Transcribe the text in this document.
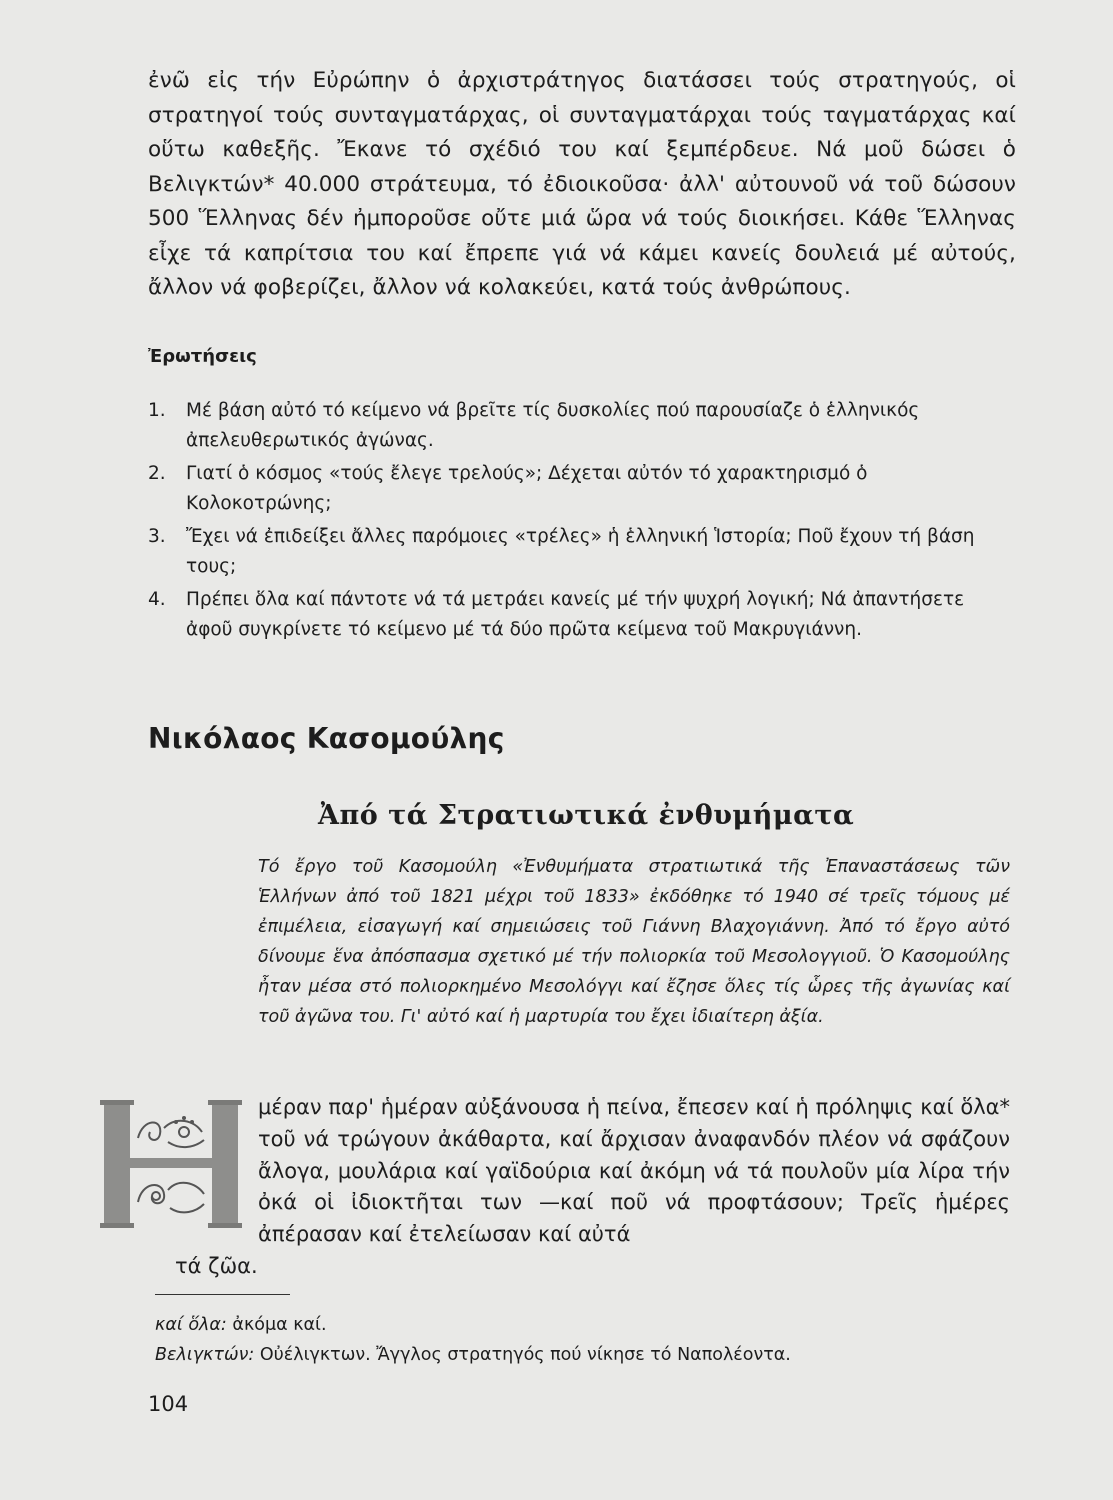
ἐνῶ εἰς τήν Εὐρώπην ὁ ἀρχιστράτηγος διατάσσει τούς στρατηγούς, οἱ στρατηγοί τούς συνταγματάρχας, οἱ συνταγματάρχαι τούς ταγματάρχας καί οὕτω καθεξῆς. Ἔκανε τό σχέδιό του καί ξεμπέρδευε. Νά μοῦ δώσει ὁ Βελιγκτών* 40.000 στράτευμα, τό ἐδιοικοῦσα· ἀλλ' αὐτουνοῦ νά τοῦ δώσουν 500 Ἕλληνας δέν ἠμποροῦσε οὔτε μιά ὥρα νά τούς διοικήσει. Κάθε Ἕλληνας εἶχε τά καπρίτσια του καί ἔπρεπε γιά νά κάμει κανείς δουλειά μέ αὐτούς, ἄλλον νά φοβερίζει, ἄλλον νά κολακεύει, κατά τούς ἀνθρώπους.

Ἐρωτήσεις
1. Μέ βάση αὐτό τό κείμενο νά βρεῖτε τίς δυσκολίες πού παρουσίαζε ὁ ἑλληνικός ἀπελευθερωτικός ἀγώνας.
2. Γιατί ὁ κόσμος «τούς ἔλεγε τρελούς»; Δέχεται αὐτόν τό χαρακτηρισμό ὁ Κολοκοτρώνης;
3. Ἔχει νά ἐπιδείξει ἄλλες παρόμοιες «τρέλες» ἡ ἑλληνική Ἱστορία; Ποῦ ἔχουν τή βάση τους;
4. Πρέπει ὅλα καί πάντοτε νά τά μετράει κανείς μέ τήν ψυχρή λογική; Νά ἀπαντήσετε ἀφοῦ συγκρίνετε τό κείμενο μέ τά δύο πρῶτα κείμενα τοῦ Μακρυγιάννη.
Νικόλαος Κασομούλης
Ἀπό τά Στρατιωτικά ἐνθυμήματα

Τό ἔργο τοῦ Κασομούλη «Ἐνθυμήματα στρατιωτικά τῆς Ἐπαναστάσεως τῶν Ἑλλήνων ἀπό τοῦ 1821 μέχρι τοῦ 1833» ἐκδόθηκε τό 1940 σέ τρεῖς τόμους μέ ἐπιμέλεια, εἰσαγωγή καί σημειώσεις τοῦ Γιάννη Βλαχογιάννη. Ἀπό τό ἔργο αὐτό δίνουμε ἕνα ἀπόσπασμα σχετικό μέ τήν πολιορκία τοῦ Μεσολογγιοῦ. Ὁ Κασομούλης ἦταν μέσα στό πολιορκημένο Μεσολόγγι καί ἔζησε ὅλες τίς ὧρες τῆς ἀγωνίας καί τοῦ ἀγῶνα του. Γι' αὐτό καί ἡ μαρτυρία του ἔχει ἰδιαίτερη ἀξία.

μέραν παρ' ἡμέραν αὐξάνουσα ἡ πείνα, ἔπεσεν καί ἡ πρόληψις καί ὅλα* τοῦ νά τρώγουν ἀκάθαρτα, καί ἄρχισαν ἀναφανδόν πλέον νά σφάζουν ἄλογα, μουλάρια καί γαϊδούρια καί ἀκόμη νά τά πουλοῦν μία λίρα τήν ὀκά οἱ ἰδιοκτῆται των —καί ποῦ νά προφτάσουν; Τρεῖς ἡμέρες ἀπέρασαν καί ἐτελείωσαν καί αὐτά

τά ζῶα.
καί ὅλα: ἀκόμα καί.
Βελιγκτών: Οὐέλιγκτων. Ἄγγλος στρατηγός πού νίκησε τό Ναπολέοντα.
104
